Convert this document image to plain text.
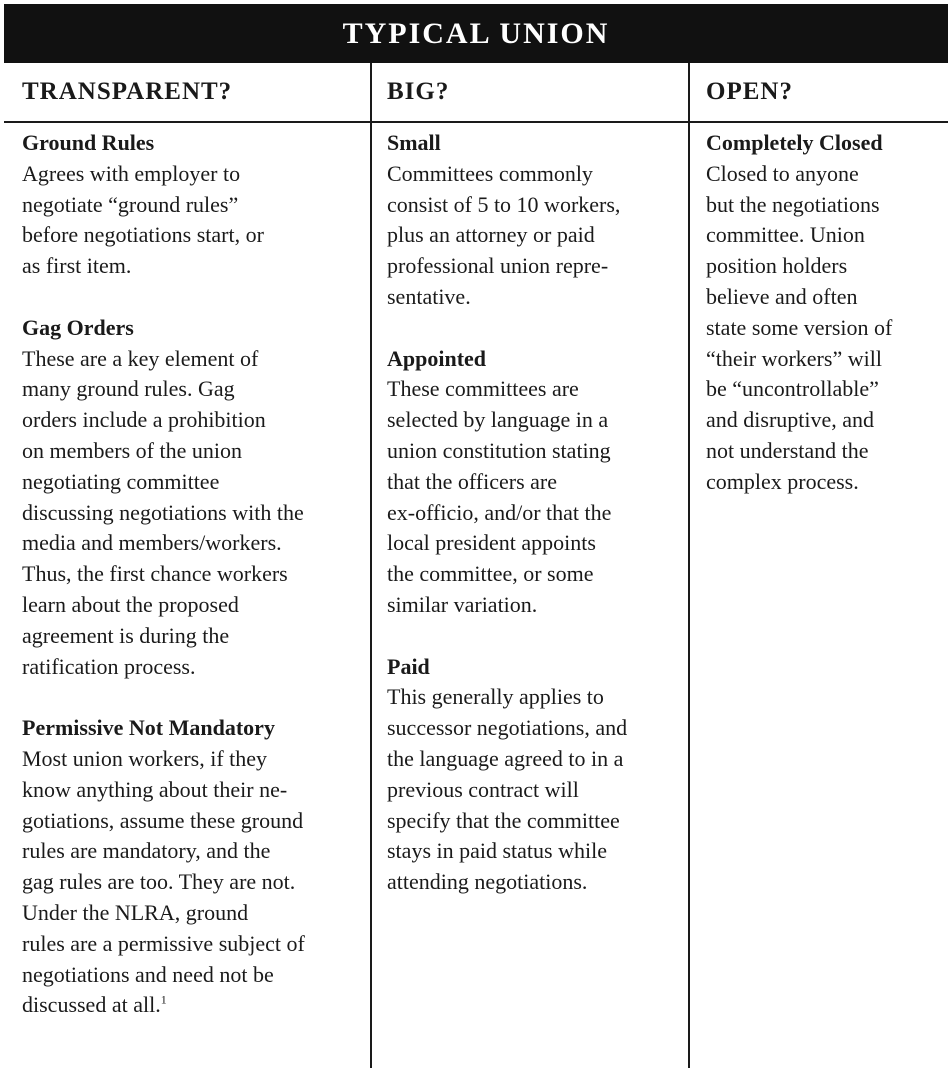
TYPICAL UNION
TRANSPARENT?	BIG?	OPEN?
Ground Rules
Agrees with employer to
negotiate “ground rules”
before negotiations start, or
as first item.
Gag Orders
These are a key element of
many ground rules. Gag
orders include a prohibition
on members of the union
negotiating committee
discussing negotiations with the
media and members/workers.
Thus, the first chance workers
learn about the proposed
agreement is during the
ratification process.
Permissive Not Mandatory
Most union workers, if they
know anything about their ne-
gotiations, assume these ground
rules are mandatory, and the
gag rules are too. They are not.
Under the NLRA, ground
rules are a permissive subject of
negotiations and need not be
discussed at all.$^1$
Small
Committees commonly
consist of 5 to 10 workers,
plus an attorney or paid
professional union repre-
sentative.
Appointed
These committees are
selected by language in a
union constitution stating
that the officers are
ex-officio, and/or that the
local president appoints
the committee, or some
similar variation.
Paid
This generally applies to
successor negotiations, and
the language agreed to in a
previous contract will
specify that the committee
stays in paid status while
attending negotiations.
Completely Closed
Closed to anyone
but the negotiations
committee. Union
position holders
believe and often
state some version of
“their workers” will
be “uncontrollable”
and disruptive, and
not understand the
complex process.
